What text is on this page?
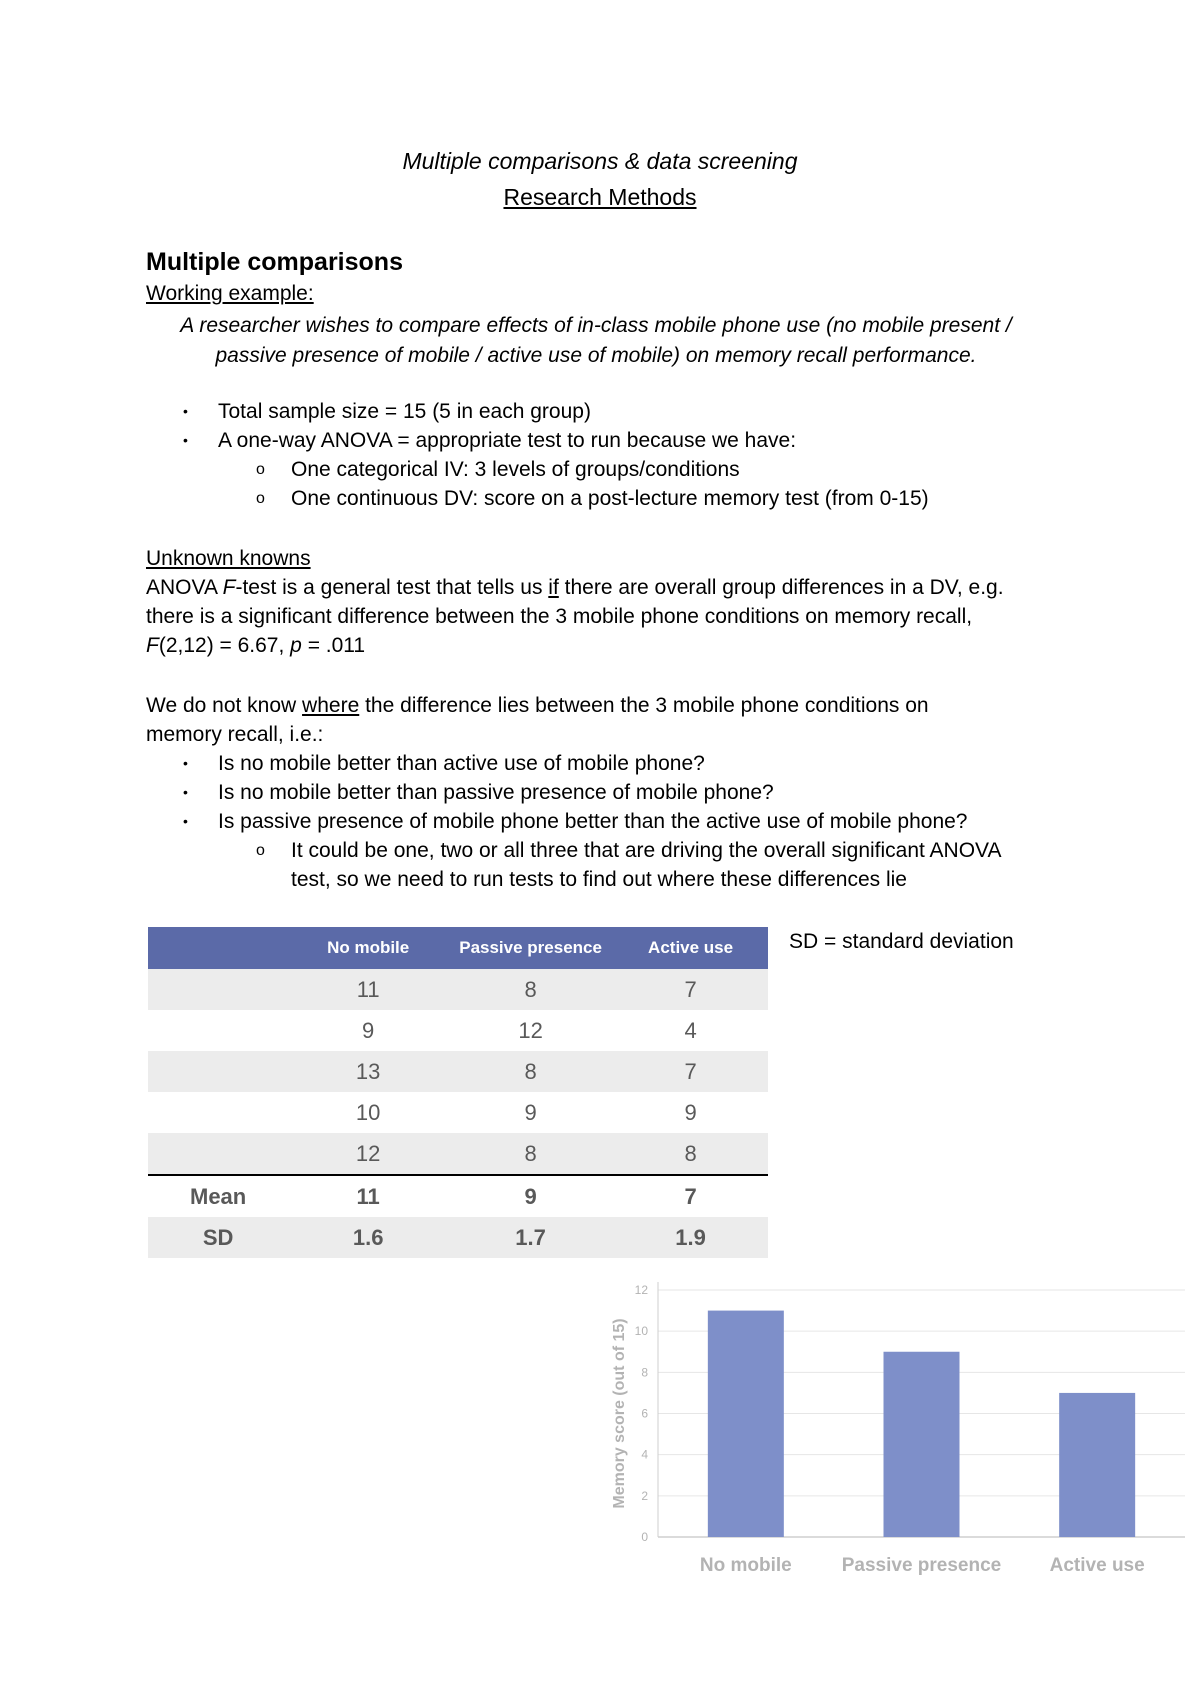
Multiple comparisons & data screening
Research Methods
Multiple comparisons
Working example:
A researcher wishes to compare effects of in-class mobile phone use (no mobile present /
passive presence of mobile / active use of mobile) on memory recall performance.
• Total sample size = 15 (5 in each group)
• A one-way ANOVA = appropriate test to run because we have:
o One categorical IV: 3 levels of groups/conditions
o One continuous DV: score on a post-lecture memory test (from 0-15)
Unknown knowns
ANOVA F-test is a general test that tells us if there are overall group differences in a DV, e.g.
there is a significant difference between the 3 mobile phone conditions on memory recall,
F(2,12) = 6.67, p = .011
We do not know where the difference lies between the 3 mobile phone conditions on
memory recall, i.e.:
• Is no mobile better than active use of mobile phone?
• Is no mobile better than passive presence of mobile phone?
• Is passive presence of mobile phone better than the active use of mobile phone?
o It could be one, two or all three that are driving the overall significant ANOVA
test, so we need to run tests to find out where these differences lie
	No mobile	Passive presence	Active use
	11	8	7
	9	12	4
	13	8	7
	10	9	9
	12	8	8
Mean	11	9	7
SD	1.6	1.7	1.9
SD = standard deviation
0
2
4
6
8
10
12
No mobile	Passive presence	Active use
Memory score (out of 15)
